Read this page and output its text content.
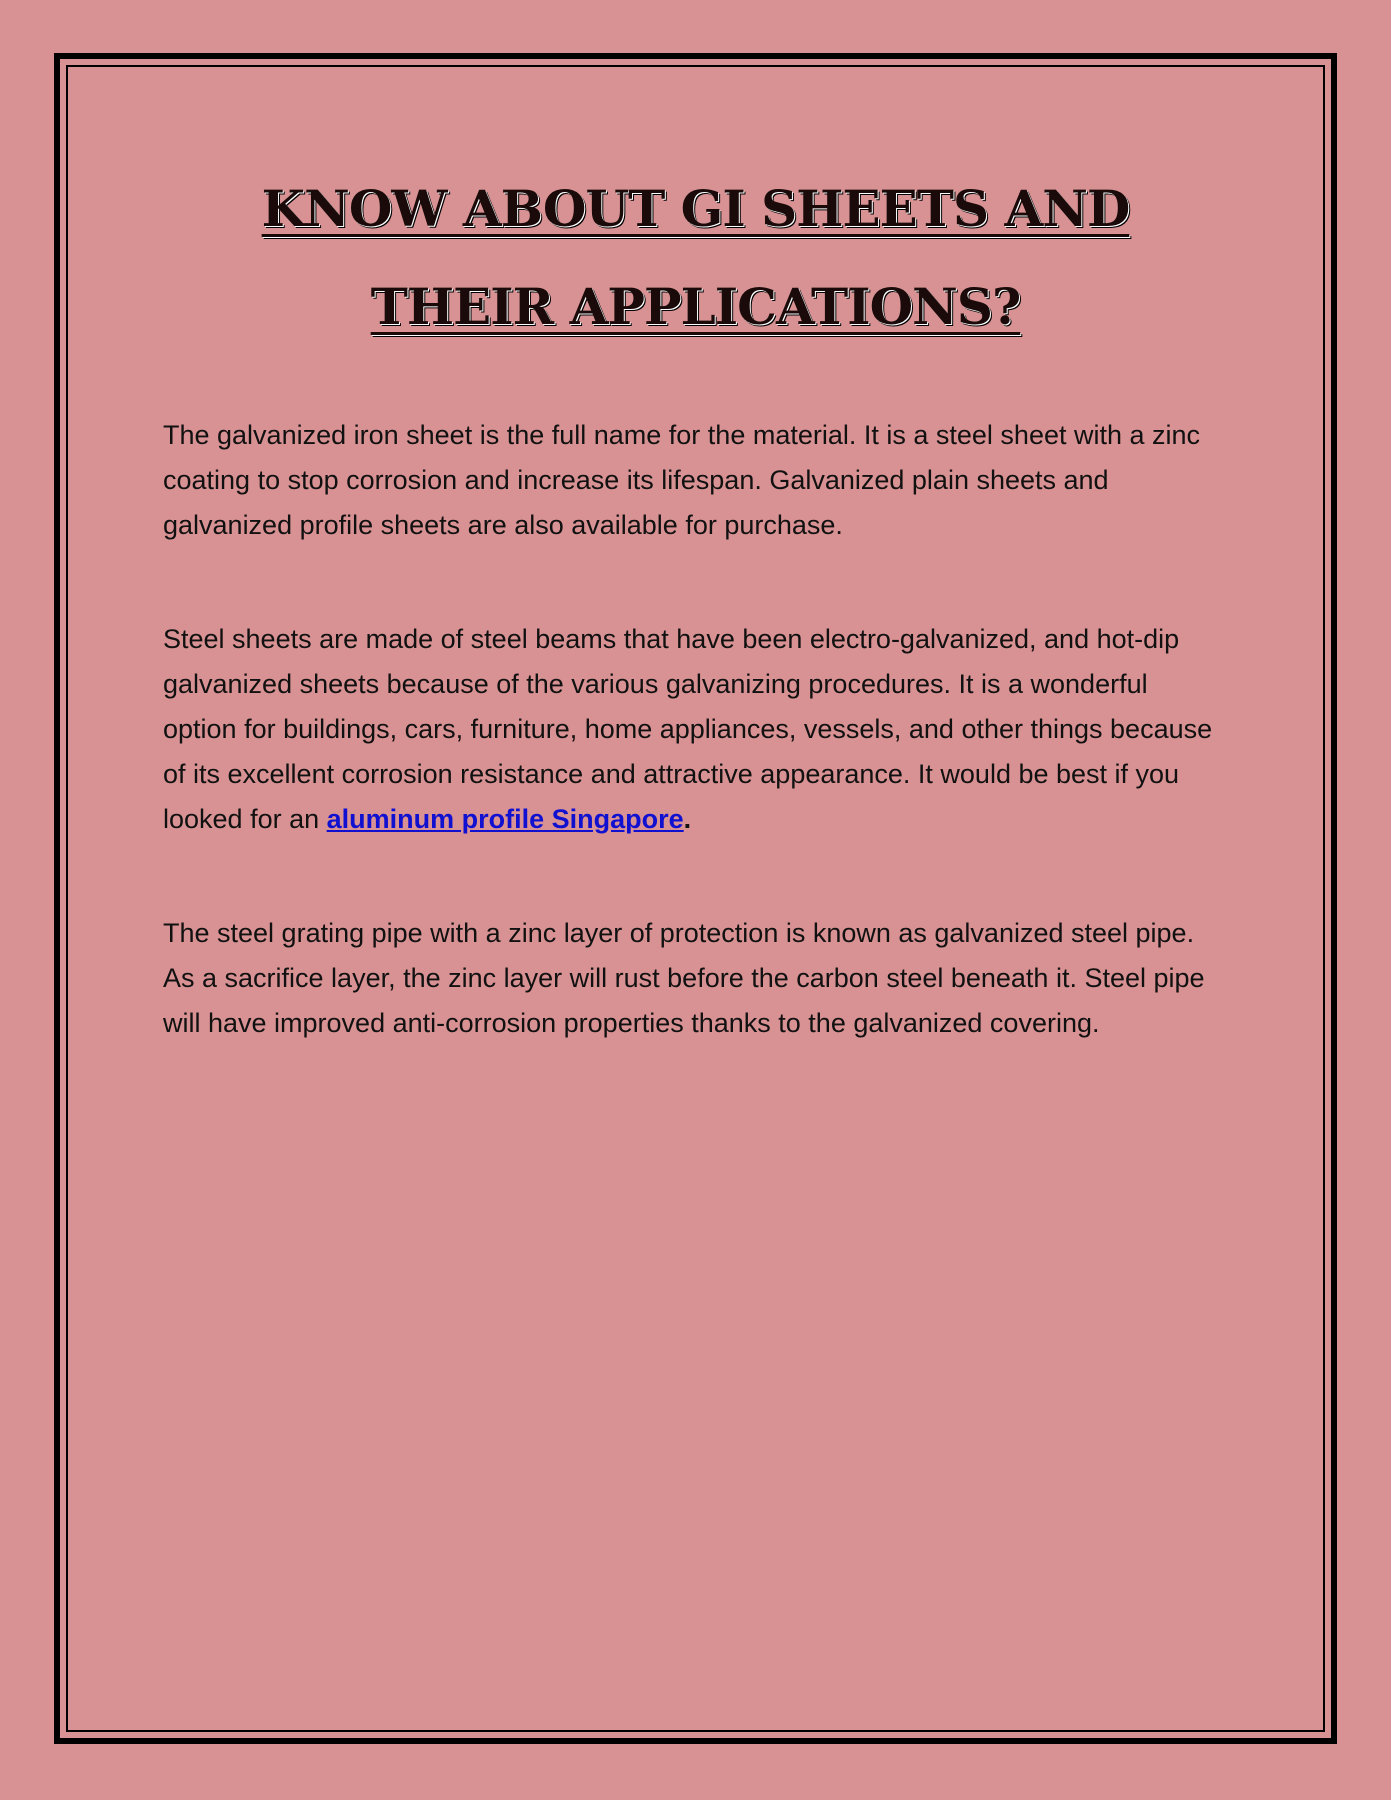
KNOW ABOUT GI SHEETS AND THEIR APPLICATIONS?

The galvanized iron sheet is the full name for the material. It is a steel sheet with a zinc coating to stop corrosion and increase its lifespan. Galvanized plain sheets and galvanized profile sheets are also available for purchase.

Steel sheets are made of steel beams that have been electro-galvanized, and hot-dip galvanized sheets because of the various galvanizing procedures. It is a wonderful option for buildings, cars, furniture, home appliances, vessels, and other things because of its excellent corrosion resistance and attractive appearance. It would be best if you looked for an aluminum profile Singapore.

The steel grating pipe with a zinc layer of protection is known as galvanized steel pipe. As a sacrifice layer, the zinc layer will rust before the carbon steel beneath it. Steel pipe will have improved anti-corrosion properties thanks to the galvanized covering.
